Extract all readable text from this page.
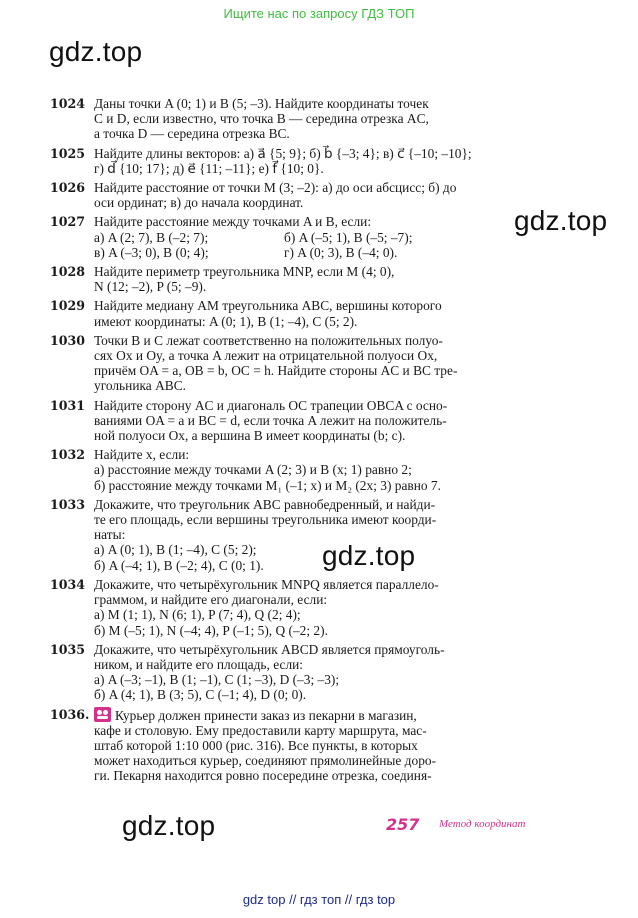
Ищите нас по запросу ГДЗ ТОП
gdz.top
gdz.top
gdz.top
gdz.top
1024 Даны точки A (0; 1) и B (5; –3). Найдите координаты точек
C и D, если известно, что точка B — середина отрезка AC,
а точка D — середина отрезка BC.
1025 Найдите длины векторов: а) a⃗ {5; 9}; б) b⃗ {–3; 4}; в) c⃗ {–10; –10};
г) d⃗ {10; 17}; д) e⃗ {11; –11}; е) f⃗ {10; 0}.
1026 Найдите расстояние от точки M (3; –2): а) до оси абсцисс; б) до
оси ординат; в) до начала координат.
1027 Найдите расстояние между точками A и B, если:
а) A (2; 7), B (–2; 7);	б) A (–5; 1), B (–5; –7);
в) A (–3; 0), B (0; 4);	г) A (0; 3), B (–4; 0).
1028 Найдите периметр треугольника MNP, если M (4; 0),
N (12; –2), P (5; –9).
1029 Найдите медиану AM треугольника ABC, вершины которого
имеют координаты: A (0; 1), B (1; –4), C (5; 2).
1030 Точки B и C лежат соответственно на положительных полуо-
сях Ox и Oy, а точка A лежит на отрицательной полуоси Ox,
причём OA = a, OB = b, OC = h. Найдите стороны AC и BC тре-
угольника ABC.
1031 Найдите сторону AC и диагональ OC трапеции OBCA с осно-
ваниями OA = a и BC = d, если точка A лежит на положитель-
ной полуоси Ox, а вершина B имеет координаты (b; c).
1032 Найдите x, если:
а) расстояние между точками A (2; 3) и B (x; 1) равно 2;
б) расстояние между точками M₁ (–1; x) и M₂ (2x; 3) равно 7.
1033 Докажите, что треугольник ABC равнобедренный, и найди-
те его площадь, если вершины треугольника имеют коорди-
наты:
а) A (0; 1), B (1; –4), C (5; 2);
б) A (–4; 1), B (–2; 4), C (0; 1).
1034 Докажите, что четырёхугольник MNPQ является параллело-
граммом, и найдите его диагонали, если:
а) M (1; 1), N (6; 1), P (7; 4), Q (2; 4);
б) M (–5; 1), N (–4; 4), P (–1; 5), Q (–2; 2).
1035 Докажите, что четырёхугольник ABCD является прямоуголь-
ником, и найдите его площадь, если:
а) A (–3; –1), B (1; –1), C (1; –3), D (–3; –3);
б) A (4; 1), B (3; 5), C (–1; 4), D (0; 0).
1036.	Курьер должен принести заказ из пекарни в магазин,
кафе и столовую. Ему предоставили карту маршрута, мас-
штаб которой 1:10 000 (рис. 316). Все пункты, в которых
может находиться курьер, соединяют прямолинейные доро-
ги. Пекарня находится ровно посередине отрезка, соединя-
257 Метод координат
gdz top // гдз топ // гдз top
